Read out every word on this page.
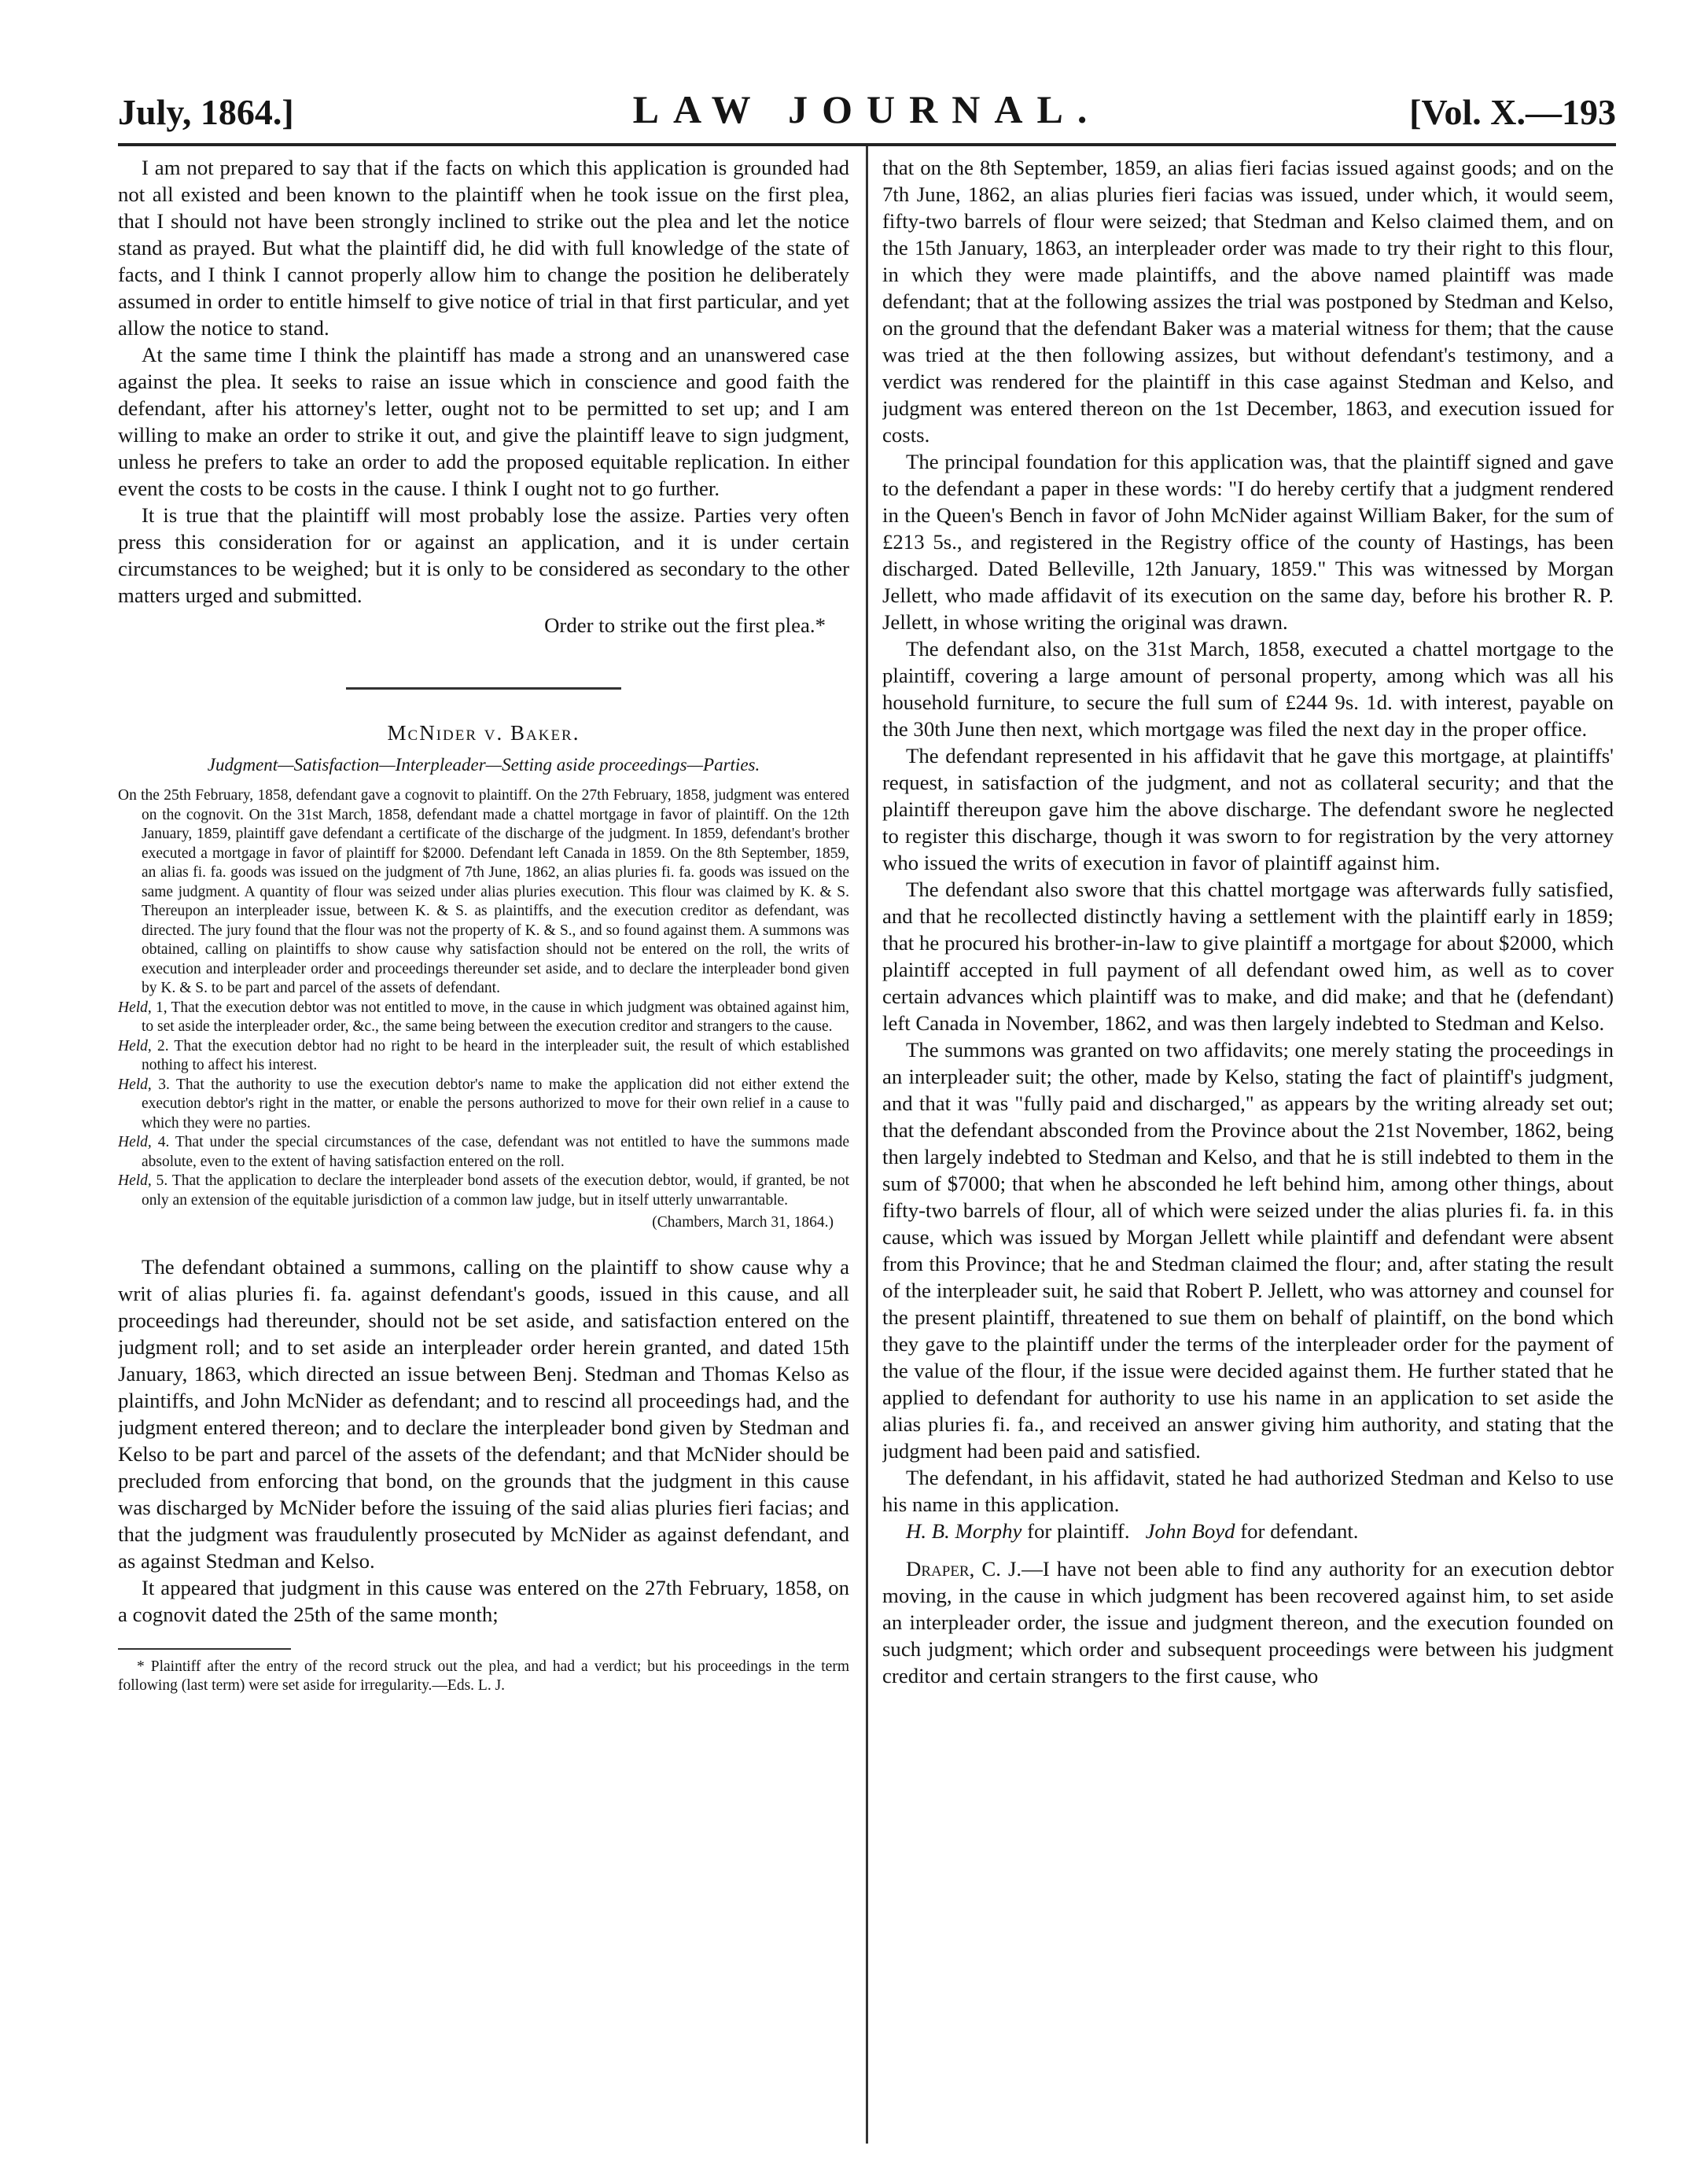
July, 1864.]	LAW JOURNAL.	[Vol. X.—193

I am not prepared to say that if the facts on which this application is grounded had not all existed and been known to the plaintiff when he took issue on the first plea, that I should not have been strongly inclined to strike out the plea and let the notice stand as prayed. But what the plaintiff did, he did with full knowledge of the state of facts, and I think I cannot properly allow him to change the position he deliberately assumed in order to entitle himself to give notice of trial in that first particular, and yet allow the notice to stand.

At the same time I think the plaintiff has made a strong and an unanswered case against the plea. It seeks to raise an issue which in conscience and good faith the defendant, after his attorney's letter, ought not to be permitted to set up; and I am willing to make an order to strike it out, and give the plaintiff leave to sign judgment, unless he prefers to take an order to add the proposed equitable replication. In either event the costs to be costs in the cause. I think I ought not to go further.

It is true that the plaintiff will most probably lose the assize. Parties very often press this consideration for or against an application, and it is under certain circumstances to be weighed; but it is only to be considered as secondary to the other matters urged and submitted.

Order to strike out the first plea.*

McNider v. Baker.
Judgment—Satisfaction—Interpleader—Setting aside proceedings—Parties.

On the 25th February, 1858, defendant gave a cognovit to plaintiff. On the 27th February, 1858, judgment was entered on the cognovit. On the 31st March, 1858, defendant made a chattel mortgage in favor of plaintiff. On the 12th January, 1859, plaintiff gave defendant a certificate of the discharge of the judgment. In 1859, defendant's brother executed a mortgage in favor of plaintiff for $2000. Defendant left Canada in 1859. On the 8th September, 1859, an alias fi. fa. goods was issued on the judgment of 7th June, 1862, an alias pluries fi. fa. goods was issued on the same judgment. A quantity of flour was seized under alias pluries execution. This flour was claimed by K. & S. Thereupon an interpleader issue, between K. & S. as plaintiffs, and the execution creditor as defendant, was directed. The jury found that the flour was not the property of K. & S., and so found against them. A summons was obtained, calling on plaintiffs to show cause why satisfaction should not be entered on the roll, the writs of execution and interpleader order and proceedings thereunder set aside, and to declare the interpleader bond given by K. & S. to be part and parcel of the assets of defendant.

Held, 1, That the execution debtor was not entitled to move, in the cause in which judgment was obtained against him, to set aside the interpleader order, &c., the same being between the execution creditor and strangers to the cause.

Held, 2. That the execution debtor had no right to be heard in the interpleader suit, the result of which established nothing to affect his interest.

Held, 3. That the authority to use the execution debtor's name to make the application did not either extend the execution debtor's right in the matter, or enable the persons authorized to move for their own relief in a cause to which they were no parties.

Held, 4. That under the special circumstances of the case, defendant was not entitled to have the summons made absolute, even to the extent of having satisfaction entered on the roll.

Held, 5. That the application to declare the interpleader bond assets of the execution debtor, would, if granted, be not only an extension of the equitable jurisdiction of a common law judge, but in itself utterly unwarrantable.

(Chambers, March 31, 1864.)

The defendant obtained a summons, calling on the plaintiff to show cause why a writ of alias pluries fi. fa. against defendant's goods, issued in this cause, and all proceedings had thereunder, should not be set aside, and satisfaction entered on the judgment roll; and to set aside an interpleader order herein granted, and dated 15th January, 1863, which directed an issue between Benj. Stedman and Thomas Kelso as plaintiffs, and John McNider as defendant; and to rescind all proceedings had, and the judgment entered thereon; and to declare the interpleader bond given by Stedman and Kelso to be part and parcel of the assets of the defendant; and that McNider should be precluded from enforcing that bond, on the grounds that the judgment in this cause was discharged by McNider before the issuing of the said alias pluries fieri facias; and that the judgment was fraudulently prosecuted by McNider as against defendant, and as against Stedman and Kelso.

It appeared that judgment in this cause was entered on the 27th February, 1858, on a cognovit dated the 25th of the same month;

* Plaintiff after the entry of the record struck out the plea, and had a verdict; but his proceedings in the term following (last term) were set aside for irregularity.—Eds. L. J.

that on the 8th September, 1859, an alias fieri facias issued against goods; and on the 7th June, 1862, an alias pluries fieri facias was issued, under which, it would seem, fifty-two barrels of flour were seized; that Stedman and Kelso claimed them, and on the 15th January, 1863, an interpleader order was made to try their right to this flour, in which they were made plaintiffs, and the above named plaintiff was made defendant; that at the following assizes the trial was postponed by Stedman and Kelso, on the ground that the defendant Baker was a material witness for them; that the cause was tried at the then following assizes, but without defendant's testimony, and a verdict was rendered for the plaintiff in this case against Stedman and Kelso, and judgment was entered thereon on the 1st December, 1863, and execution issued for costs.

The principal foundation for this application was, that the plaintiff signed and gave to the defendant a paper in these words: "I do hereby certify that a judgment rendered in the Queen's Bench in favor of John McNider against William Baker, for the sum of £213 5s., and registered in the Registry office of the county of Hastings, has been discharged. Dated Belleville, 12th January, 1859." This was witnessed by Morgan Jellett, who made affidavit of its execution on the same day, before his brother R. P. Jellett, in whose writing the original was drawn.

The defendant also, on the 31st March, 1858, executed a chattel mortgage to the plaintiff, covering a large amount of personal property, among which was all his household furniture, to secure the full sum of £244 9s. 1d. with interest, payable on the 30th June then next, which mortgage was filed the next day in the proper office.

The defendant represented in his affidavit that he gave this mortgage, at plaintiffs' request, in satisfaction of the judgment, and not as collateral security; and that the plaintiff thereupon gave him the above discharge. The defendant swore he neglected to register this discharge, though it was sworn to for registration by the very attorney who issued the writs of execution in favor of plaintiff against him.

The defendant also swore that this chattel mortgage was afterwards fully satisfied, and that he recollected distinctly having a settlement with the plaintiff early in 1859; that he procured his brother-in-law to give plaintiff a mortgage for about $2000, which plaintiff accepted in full payment of all defendant owed him, as well as to cover certain advances which plaintiff was to make, and did make; and that he (defendant) left Canada in November, 1862, and was then largely indebted to Stedman and Kelso.

The summons was granted on two affidavits; one merely stating the proceedings in an interpleader suit; the other, made by Kelso, stating the fact of plaintiff's judgment, and that it was "fully paid and discharged," as appears by the writing already set out; that the defendant absconded from the Province about the 21st November, 1862, being then largely indebted to Stedman and Kelso, and that he is still indebted to them in the sum of $7000; that when he absconded he left behind him, among other things, about fifty-two barrels of flour, all of which were seized under the alias pluries fi. fa. in this cause, which was issued by Morgan Jellett while plaintiff and defendant were absent from this Province; that he and Stedman claimed the flour; and, after stating the result of the interpleader suit, he said that Robert P. Jellett, who was attorney and counsel for the present plaintiff, threatened to sue them on behalf of plaintiff, on the bond which they gave to the plaintiff under the terms of the interpleader order for the payment of the value of the flour, if the issue were decided against them. He further stated that he applied to defendant for authority to use his name in an application to set aside the alias pluries fi. fa., and received an answer giving him authority, and stating that the judgment had been paid and satisfied.

The defendant, in his affidavit, stated he had authorized Stedman and Kelso to use his name in this application.

H. B. Morphy for plaintiff. John Boyd for defendant.

Draper, C. J.—I have not been able to find any authority for an execution debtor moving, in the cause in which judgment has been recovered against him, to set aside an interpleader order, the issue and judgment thereon, and the execution founded on such judgment; which order and subsequent proceedings were between his judgment creditor and certain strangers to the first cause, who
